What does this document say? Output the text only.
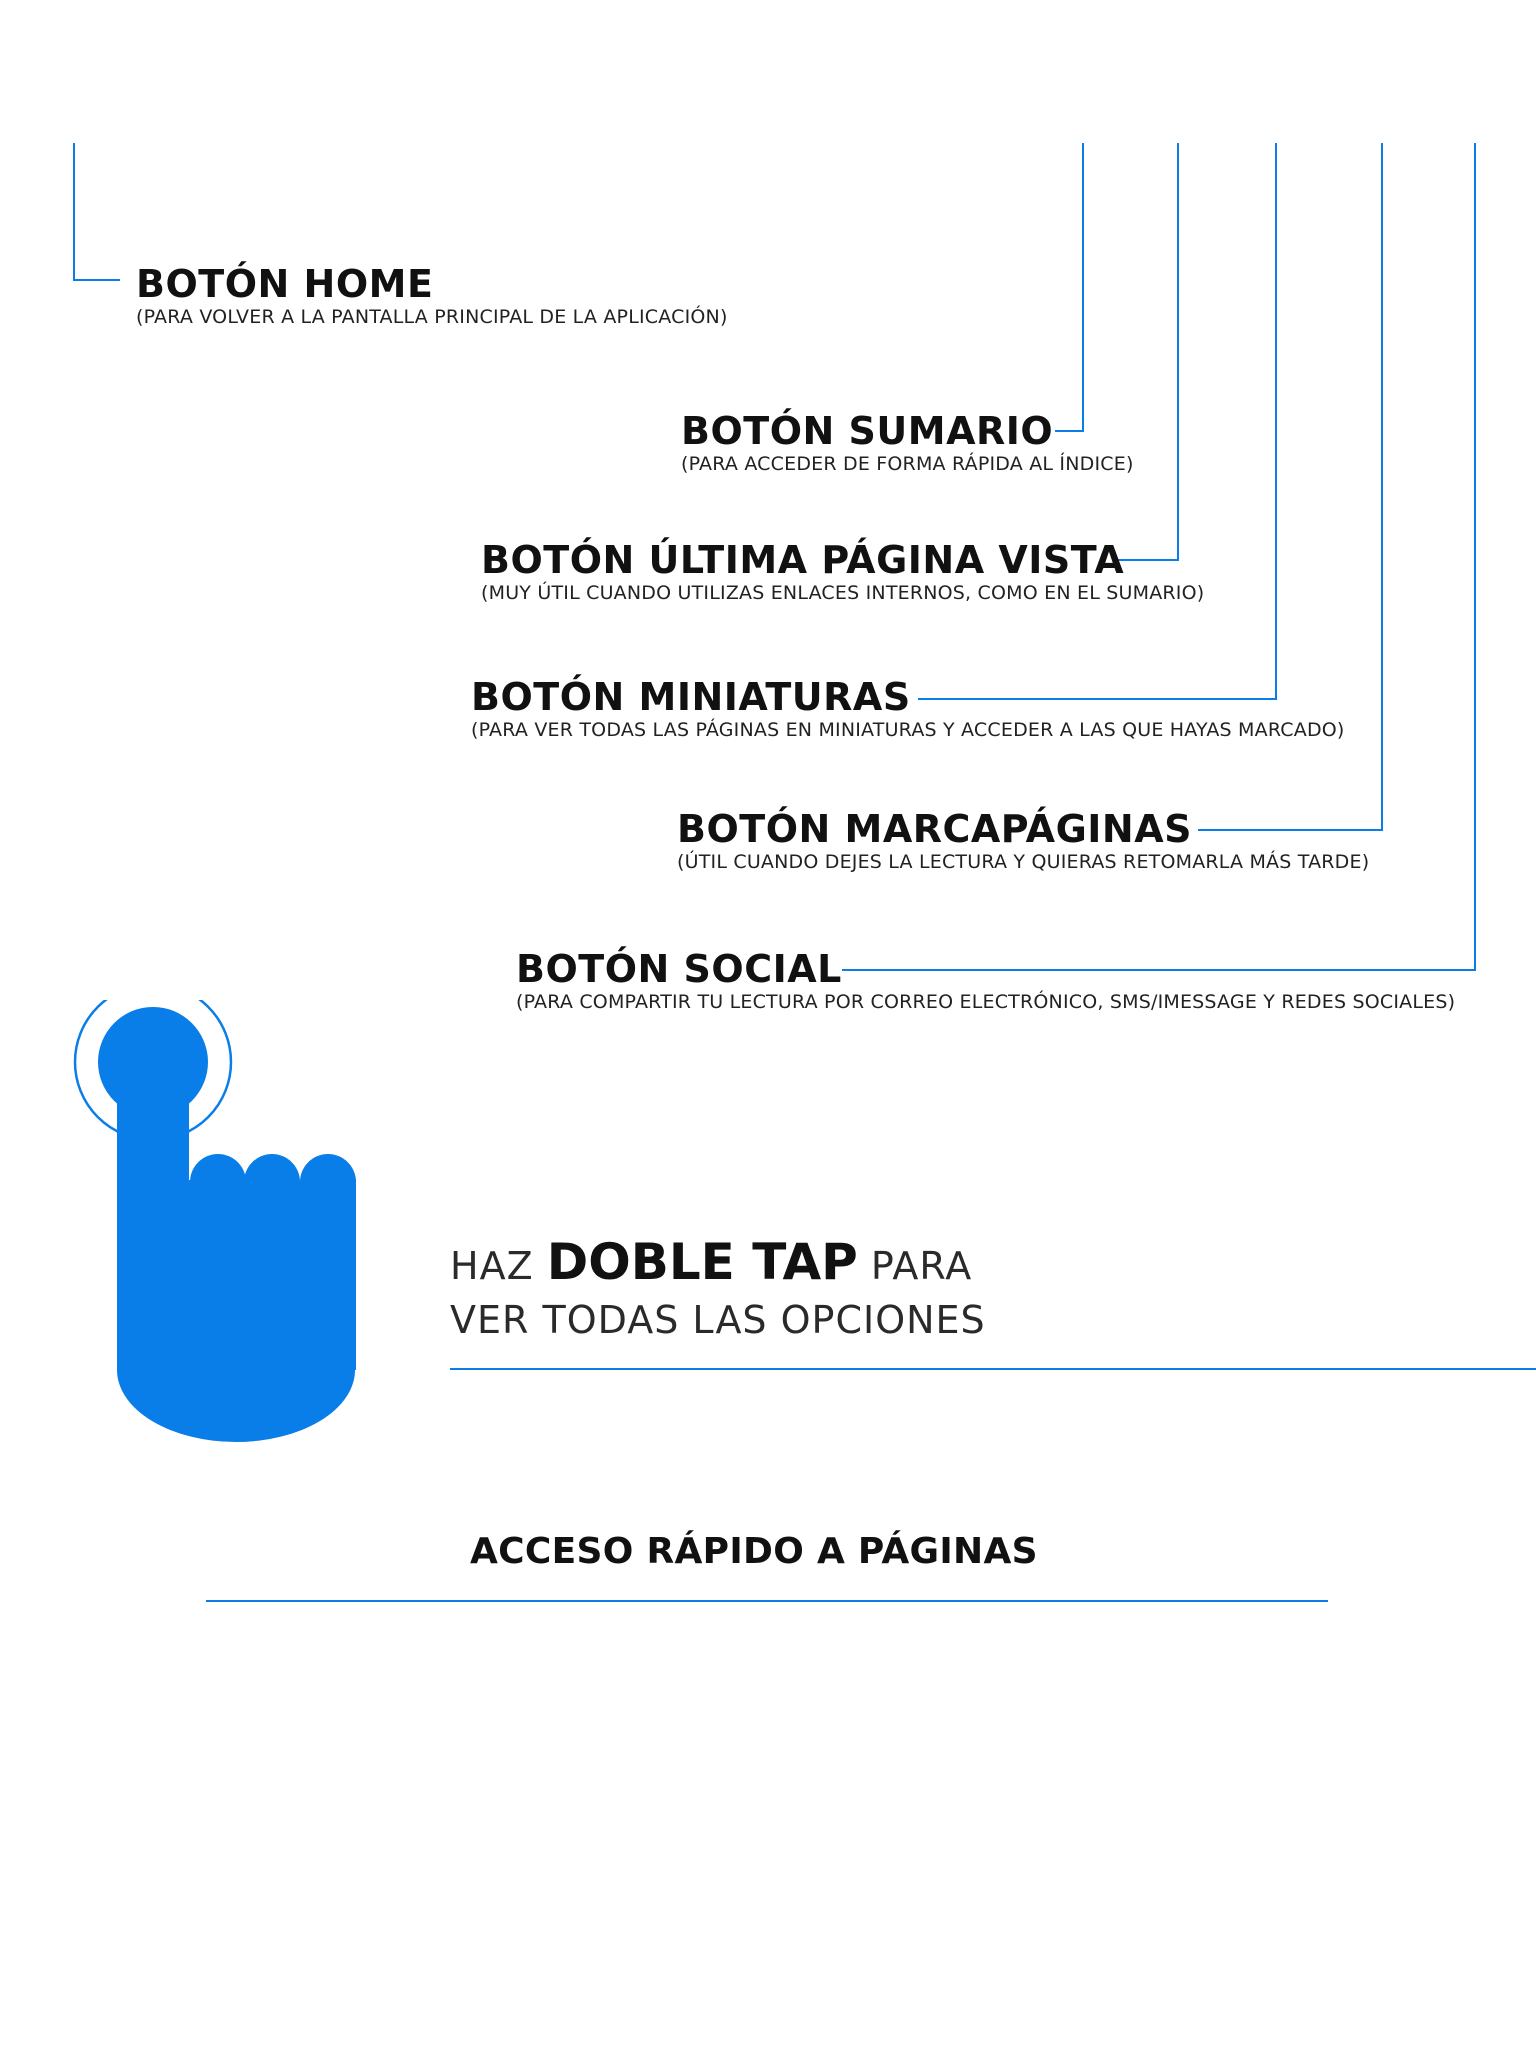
BOTÓN HOME
(PARA VOLVER A LA PANTALLA PRINCIPAL DE LA APLICACIÓN)
BOTÓN SUMARIO
(PARA ACCEDER DE FORMA RÁPIDA AL ÍNDICE)
BOTÓN ÚLTIMA PÁGINA VISTA
(MUY ÚTIL CUANDO UTILIZAS ENLACES INTERNOS, COMO EN EL SUMARIO)
BOTÓN MINIATURAS
(PARA VER TODAS LAS PÁGINAS EN MINIATURAS Y ACCEDER A LAS QUE HAYAS MARCADO)
BOTÓN MARCAPÁGINAS
(ÚTIL CUANDO DEJES LA LECTURA Y QUIERAS RETOMARLA MÁS TARDE)
BOTÓN SOCIAL
(PARA COMPARTIR TU LECTURA POR CORREO ELECTRÓNICO, SMS/IMESSAGE Y REDES SOCIALES)
HAZ DOBLE TAP PARA
VER TODAS LAS OPCIONES
ACCESO RÁPIDO A PÁGINAS
